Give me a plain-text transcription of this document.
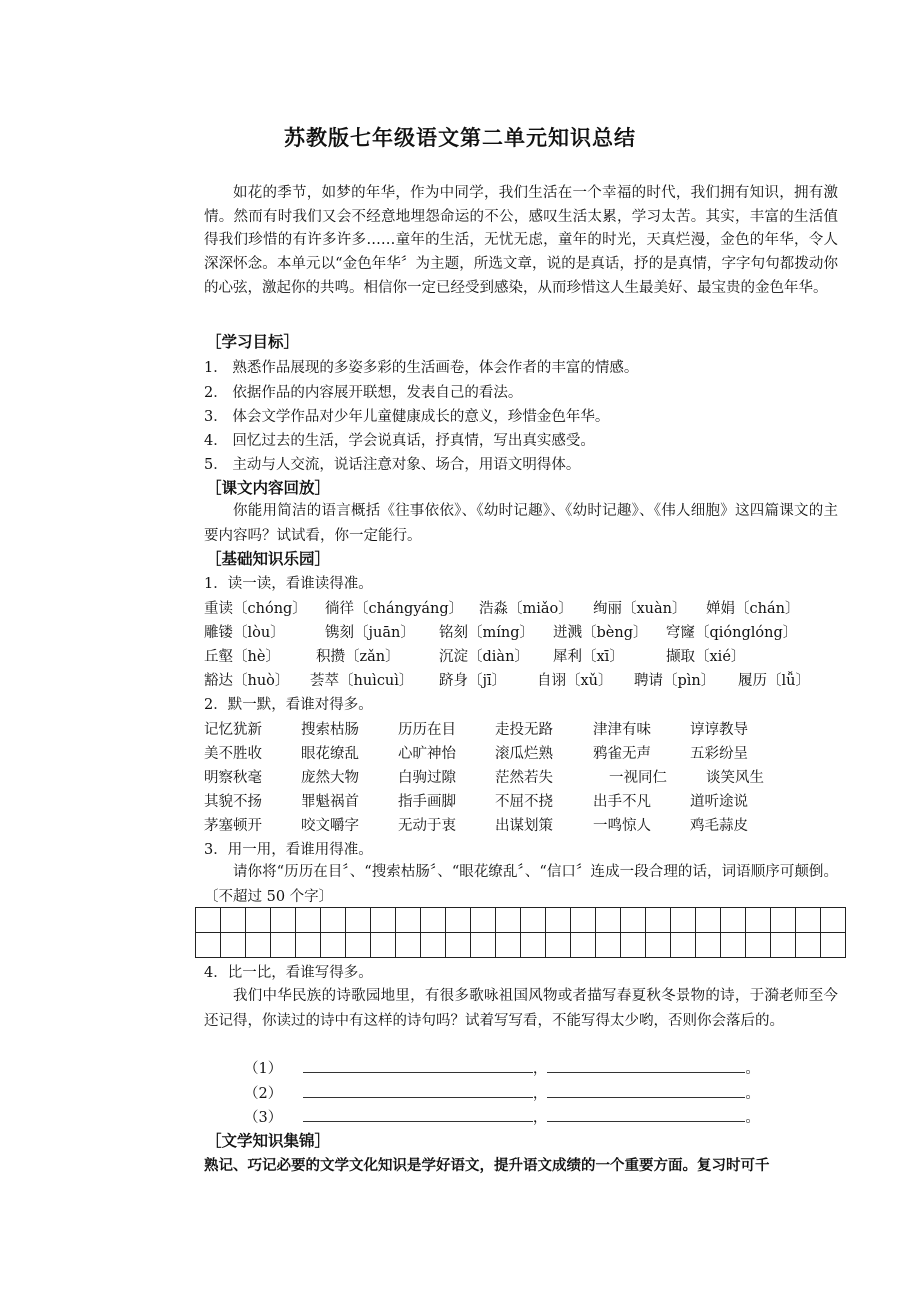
苏教版七年级语文第二单元知识总结
如花的季节，如梦的年华，作为中同学，我们生活在一个幸福的时代，我们拥有知识，拥有激情。然而有时我们又会不经意地埋怨命运的不公，感叹生活太累，学习太苦。其实，丰富的生活值得我们珍惜的有许多许多……童年的生活，无忧无虑，童年的时光，天真烂漫，金色的年华，令人深深怀念。本单元以“金色年华〞为主题，所选文章，说的是真话，抒的是真情，字字句句都拨动你的心弦，激起你的共鸣。相信你一定已经受到感染，从而珍惜这人生最美好、最宝贵的金色年华。
［学习目标］
1． 熟悉作品展现的多姿多彩的生活画卷，体会作者的丰富的情感。
2． 依据作品的内容展开联想，发表自己的看法。
3． 体会文学作品对少年儿童健康成长的意义，珍惜金色年华。
4． 回忆过去的生活，学会说真话，抒真情，写出真实感受。
5． 主动与人交流，说话注意对象、场合，用语文明得体。
［课文内容回放］
你能用简洁的语言概括《往事依依》、《幼时记趣》、《幼时记趣》、《伟人细胞》这四篇课文的主要内容吗？试试看，你一定能行。
［基础知识乐园］
1．读一读，看谁读得准。
重读〔chóng〕 徜徉〔chángyáng〕 浩淼〔miǎo〕 绚丽〔xuàn〕 婵娟〔chán〕
雕镂〔lòu〕	镌刻〔juān〕 铭刻〔míng〕 迸溅〔bèng〕 穹窿〔qiónglóng〕
丘壑〔hè〕 积攒〔zǎn〕	沉淀〔diàn〕 犀利〔xī〕	撷取〔xié〕
豁达〔huò〕 荟萃〔huìcuì〕 跻身〔jī〕 自诩〔xǔ〕 聘请〔pìn〕 履历〔lǚ〕
2．默一默，看谁对得多。
记忆犹新	搜索枯肠	历历在目	走投无路	津津有味	谆谆教导
美不胜收	眼花缭乱	心旷神怡	滚瓜烂熟	鸦雀无声	五彩纷呈
明察秋毫	庞然大物	白驹过隙	茫然若失	一视同仁	谈笑风生
其貌不扬	罪魁祸首	指手画脚	不屈不挠	出手不凡	道听途说
茅塞顿开	咬文嚼字	无动于衷	出谋划策	一鸣惊人	鸡毛蒜皮
3．用一用，看谁用得准。
请你将“历历在目〞、“搜索枯肠〞、“眼花缭乱〞、“信口〞连成一段合理的话，词语顺序可颠倒。〔不超过 50 个字〕

4．比一比，看谁写得多。
我们中华民族的诗歌园地里，有很多歌咏祖国风物或者描写春夏秋冬景物的诗，于漪老师至今还记得，你读过的诗中有这样的诗句吗？试着写写看，不能写得太少哟，否则你会落后的。
（1）	，	。
（2）	，	。
（3）	，	。
［文学知识集锦］
熟记、巧记必要的文学文化知识是学好语文，提升语文成绩的一个重要方面。复习时可千
